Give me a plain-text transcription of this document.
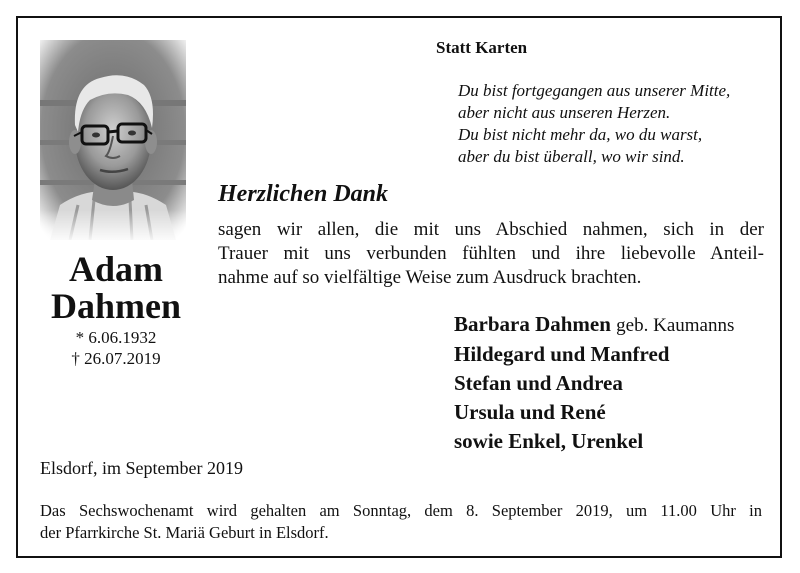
Adam
Dahmen
* 6.06.1932
† 26.07.2019
Statt Karten
Du bist fortgegangen aus unserer Mitte,
aber nicht aus unseren Herzen.
Du bist nicht mehr da, wo du warst,
aber du bist überall, wo wir sind.
Herzlichen Dank
sagen wir allen, die mit uns Abschied nahmen, sich in der
Trauer mit uns verbunden fühlten und ihre liebevolle Anteil-
nahme auf so vielfältige Weise zum Ausdruck brachten.
Barbara Dahmen geb. Kaumanns
Hildegard und Manfred
Stefan und Andrea
Ursula und René
sowie Enkel, Urenkel
Elsdorf, im September 2019
Das Sechswochenamt wird gehalten am Sonntag, dem 8. September 2019, um 11.00 Uhr in
der Pfarrkirche St. Mariä Geburt in Elsdorf.
